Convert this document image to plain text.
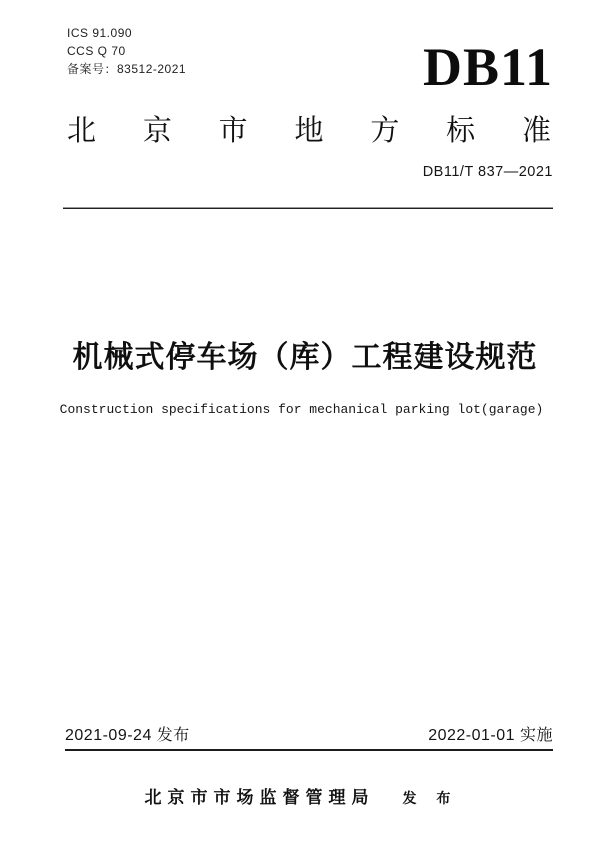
ICS 91.090
CCS Q 70
备案号：83512-2021	DB11
北 京 市 地 方 标 准
DB11/T 837—2021
机械式停车场（库）工程建设规范
Construction specifications for mechanical parking lot(garage)
2021-09-24 发布	2022-01-01 实施
北京市市场监督管理局 发 布
